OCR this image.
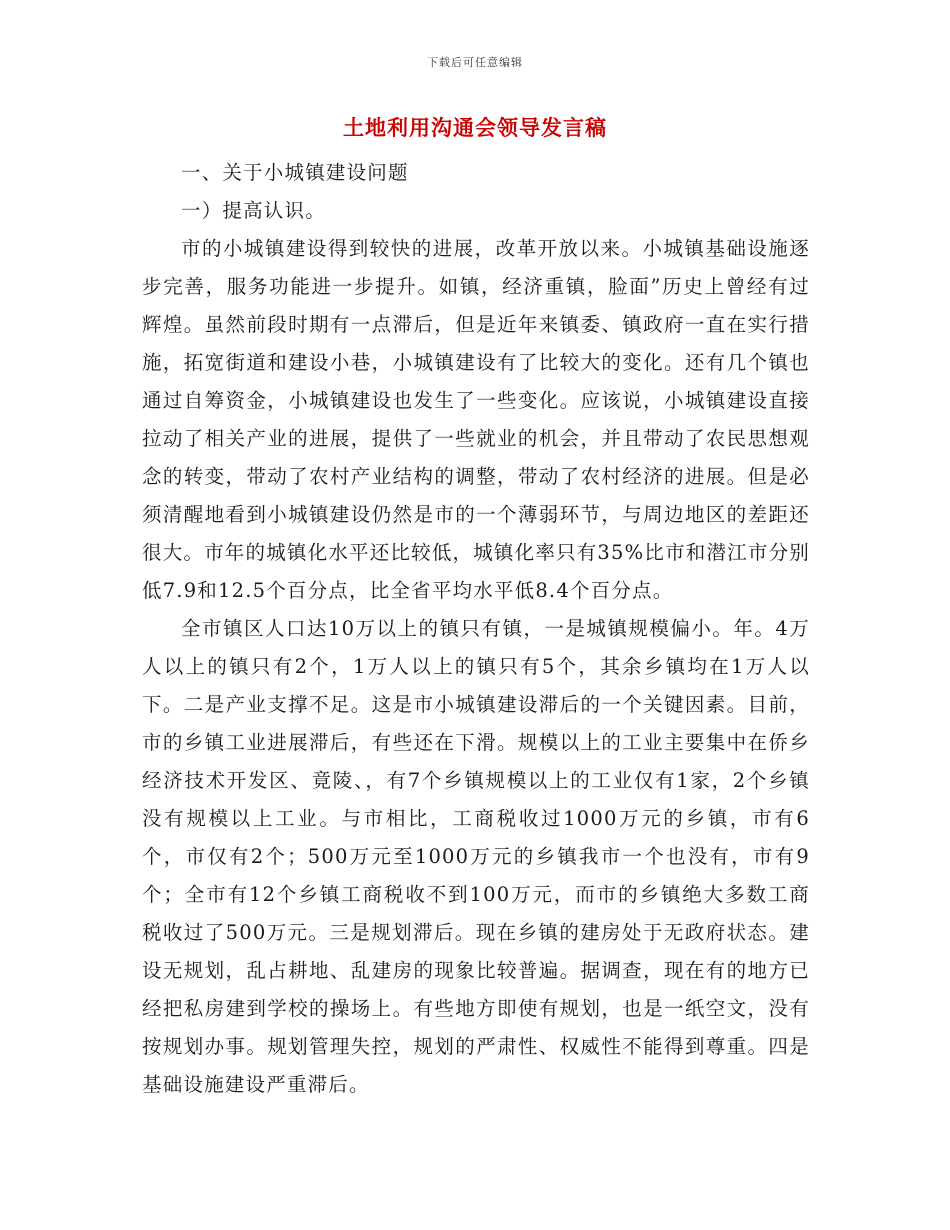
下载后可任意编辑
土地利用沟通会领导发言稿

一、关于小城镇建设问题

一）提高认识。

市的小城镇建设得到较快的进展，改革开放以来。小城镇基础设施逐步完善，服务功能进一步提升。如镇，经济重镇，脸面”历史上曾经有过辉煌。虽然前段时期有一点滞后，但是近年来镇委、镇政府一直在实行措施，拓宽街道和建设小巷，小城镇建设有了比较大的变化。还有几个镇也通过自筹资金，小城镇建设也发生了一些变化。应该说，小城镇建设直接拉动了相关产业的进展，提供了一些就业的机会，并且带动了农民思想观念的转变，带动了农村产业结构的调整，带动了农村经济的进展。但是必须清醒地看到小城镇建设仍然是市的一个薄弱环节，与周边地区的差距还很大。市年的城镇化水平还比较低，城镇化率只有35%比市和潜江市分别低7.9和12.5个百分点，比全省平均水平低8.4个百分点。

全市镇区人口达10万以上的镇只有镇，一是城镇规模偏小。年。4万人以上的镇只有2个，1万人以上的镇只有5个，其余乡镇均在1万人以下。二是产业支撑不足。这是市小城镇建设滞后的一个关键因素。目前，市的乡镇工业进展滞后，有些还在下滑。规模以上的工业主要集中在侨乡经济技术开发区、竟陵、，有7个乡镇规模以上的工业仅有1家，2个乡镇没有规模以上工业。与市相比，工商税收过1000万元的乡镇，市有6个，市仅有2个；500万元至1000万元的乡镇我市一个也没有，市有9个；全市有12个乡镇工商税收不到100万元，而市的乡镇绝大多数工商税收过了500万元。三是规划滞后。现在乡镇的建房处于无政府状态。建设无规划，乱占耕地、乱建房的现象比较普遍。据调查，现在有的地方已经把私房建到学校的操场上。有些地方即使有规划，也是一纸空文，没有按规划办事。规划管理失控，规划的严肃性、权威性不能得到尊重。四是基础设施建设严重滞后。
